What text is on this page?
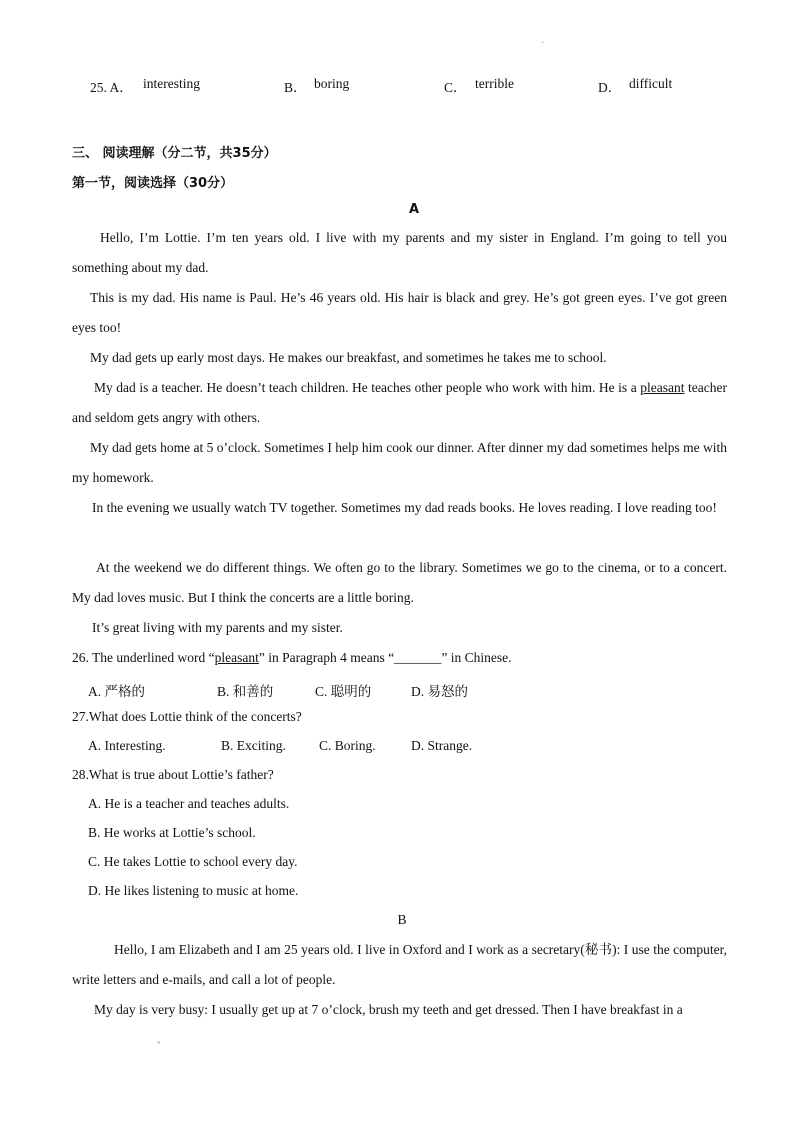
'
25. A． interesting	B． boring	C． terrible	D． difficult
三、 阅读理解（分二节，共35分）
第一节，阅读选择（30分）
A
Hello, I’m Lottie. I’m ten years old. I live with my parents and my sister in England. I’m going to tell you something about my dad.
This is my dad. His name is Paul. He’s 46 years old. His hair is black and grey. He’s got green eyes. I’ve got green eyes too!
My dad gets up early most days. He makes our breakfast, and sometimes he takes me to school.
My dad is a teacher. He doesn’t teach children. He teaches other people who work with him. He is a pleasant teacher and seldom gets angry with others.
My dad gets home at 5 o’clock. Sometimes I help him cook our dinner. After dinner my dad sometimes helps me with my homework.
In the evening we usually watch TV together. Sometimes my dad reads books. He loves reading. I love reading too!
At the weekend we do different things. We often go to the library. Sometimes we go to the cinema, or to a concert. My dad loves music. But I think the concerts are a little boring.
It’s great living with my parents and my sister.
26. The underlined word “pleasant” in Paragraph 4 means “_______” in Chinese.
A. 严格的	B. 和善的	C. 聪明的	D. 易怒的
27.What does Lottie think of the concerts?
A. Interesting.	B. Exciting. C. Boring.	D. Strange.
28.What is true about Lottie’s father?
A. He is a teacher and teaches adults.
B. He works at Lottie’s school.
C. He takes Lottie to school every day.
D. He likes listening to music at home.
B
Hello, I am Elizabeth and I am 25 years old. I live in Oxford and I work as a secretary(秘书): I use the computer, write letters and e-mails, and call a lot of people.
My day is very busy: I usually get up at 7 o’clock, brush my teeth and get dressed. Then I have breakfast in a
"
